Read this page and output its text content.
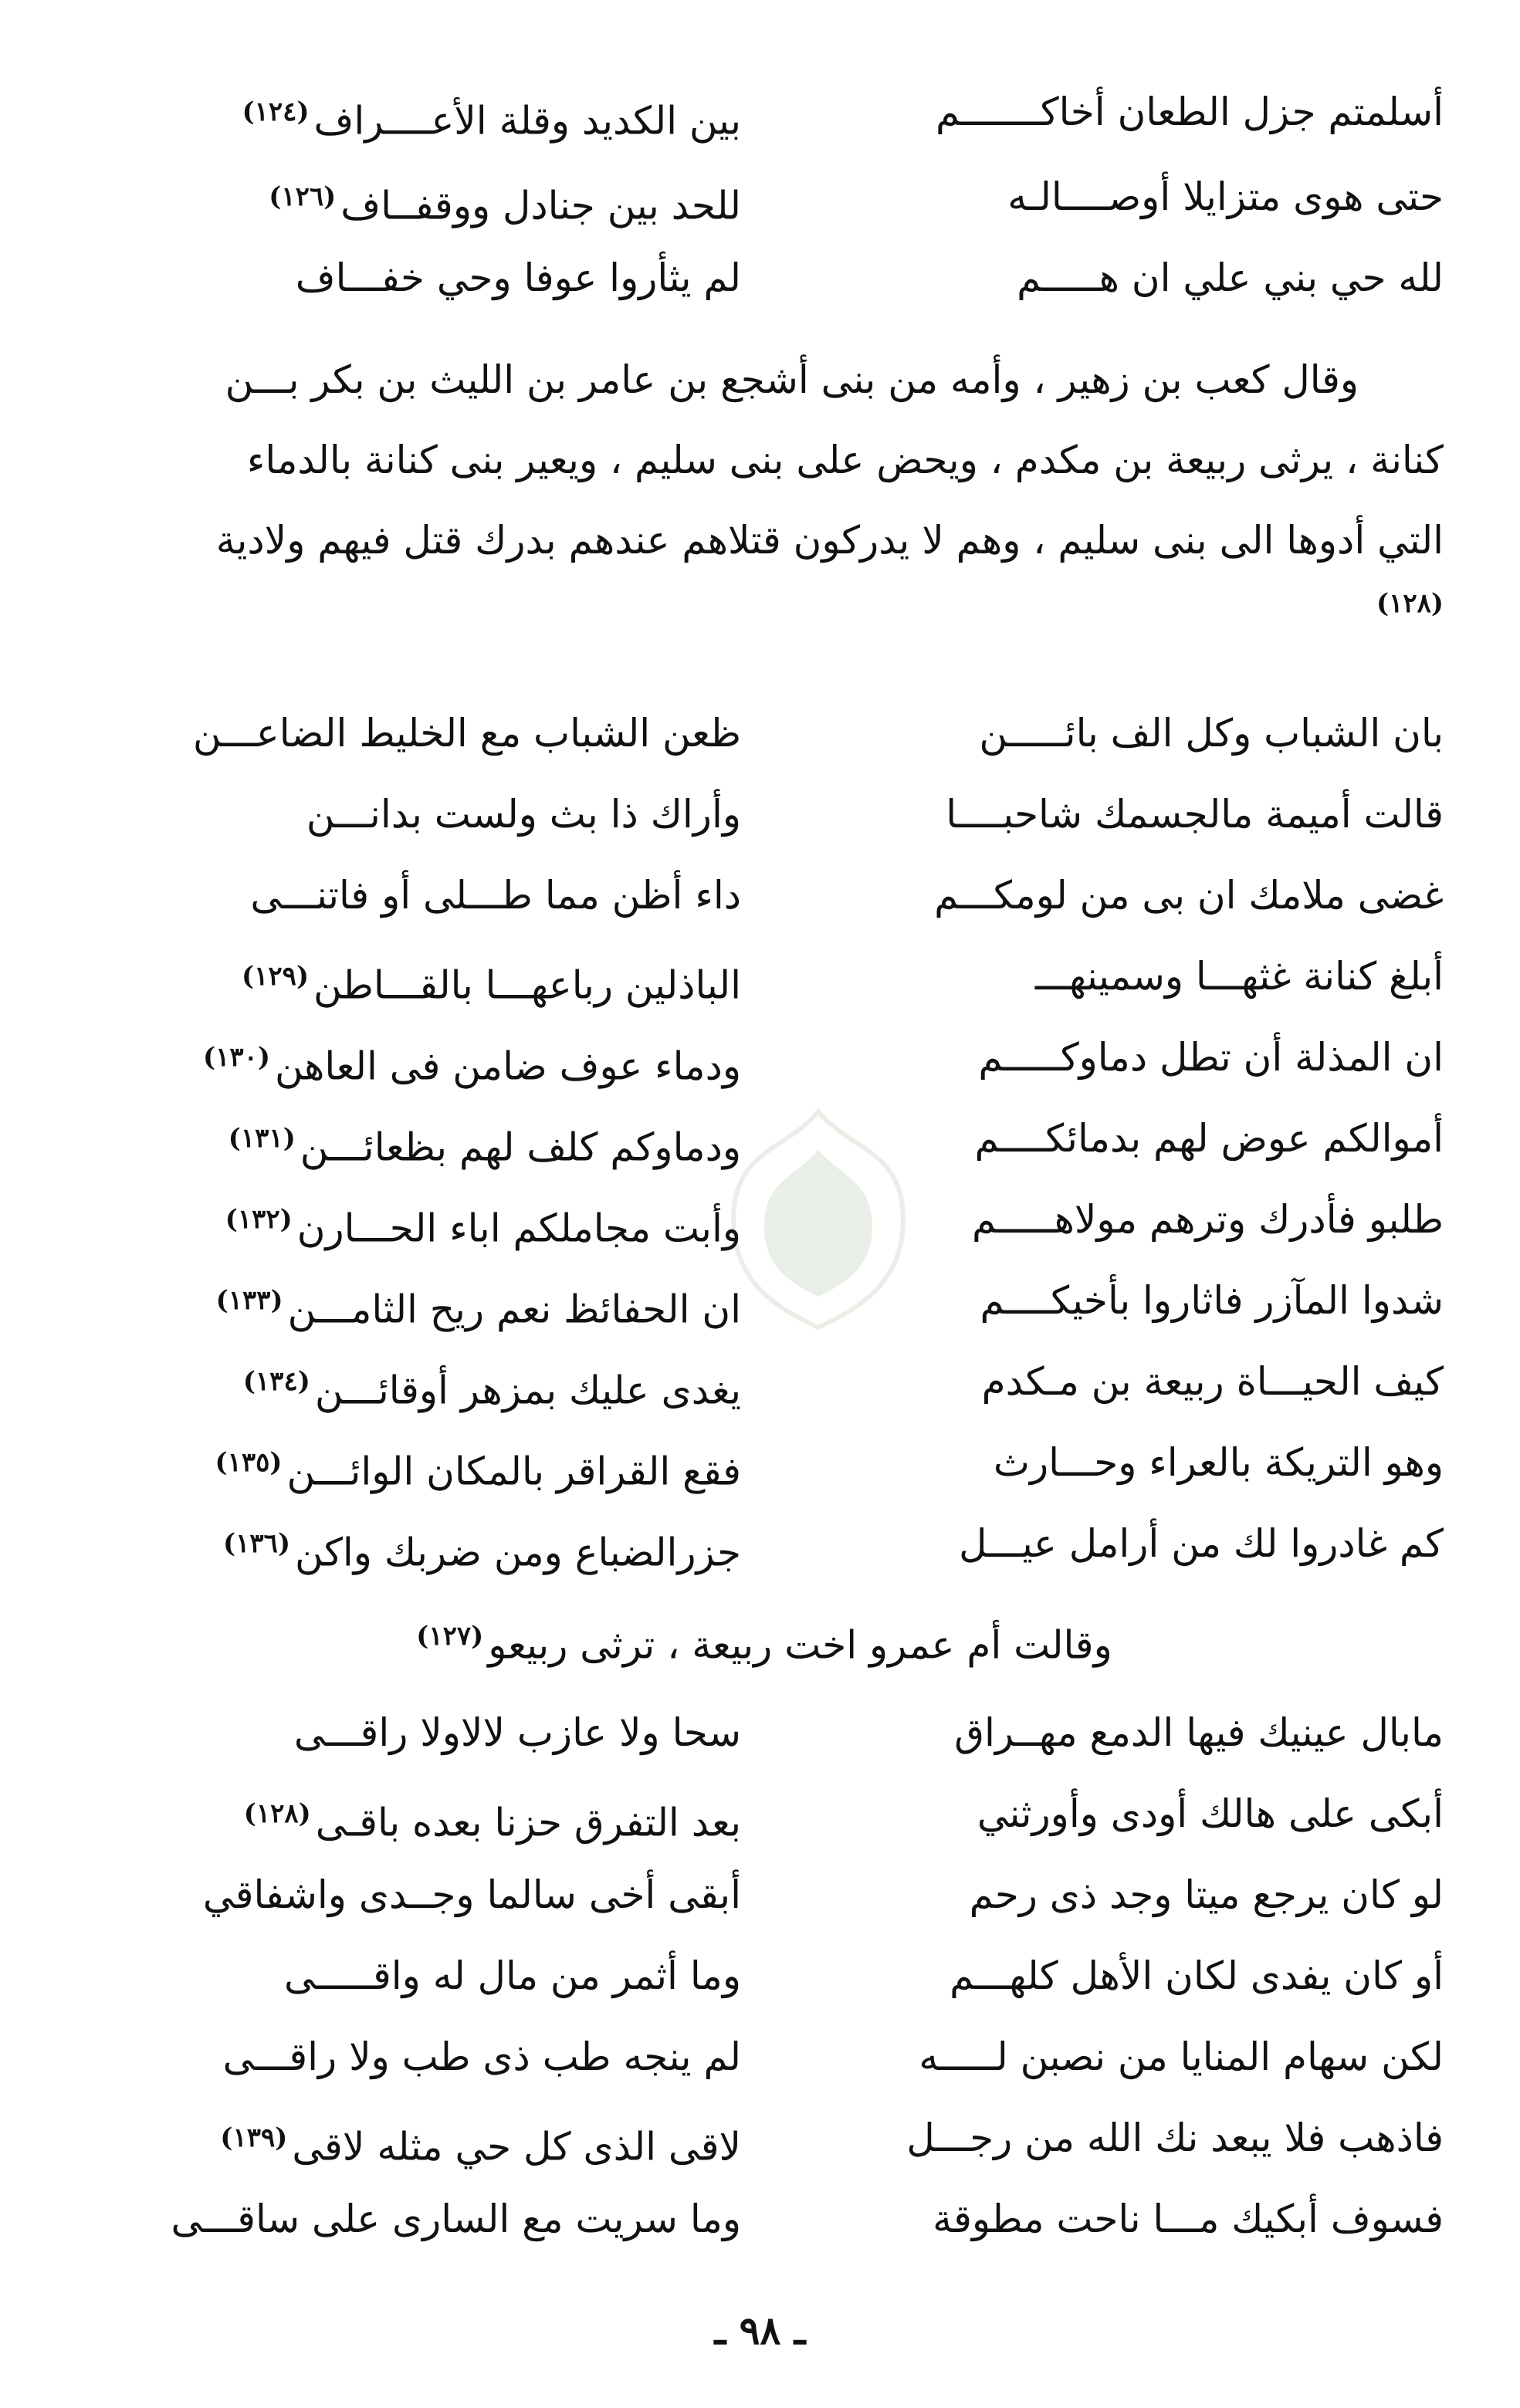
أسلمتم جزل الطعان أخاكـــــــم
بين الكديد وقلة الأعــــراف$^{(١٢٤)}$
حتى هوى متزايلا أوصــــالـه
للحد بين جنادل ووقفــاف$^{(١٢٦)}$
لله حي بني علي ان هـــــم
لم يثأروا عوفا وحي خفـــاف
وقال كعب بن زهير ، وأمه من بنى أشجع بن عامر بن الليث بن بكر بـــن
كنانة ، يرثى ربيعة بن مكدم ، ويحض على بنى سليم ، ويعير بنى كنانة بالدماء
التي أدوها الى بنى سليم ، وهم لا يدركون قتلاهم عندهم بدرك قتل فيهم ولادية
(١٢٨)
بان الشباب وكل الف بائـــــن
ظعن الشباب مع الخليط الضاعـــن
قالت أميمة مالجسمك شاحبــــا
وأراك ذا بث ولست بدانـــن
غضى ملامك ان بى من لومكـــم
داء أظن مما طـــلى أو فاتنـــى
أبلغ كنانة غثهـــا وسمينهـــ
الباذلين رباعهـــا بالقـــاطن$^{(١٢٩)}$
ان المذلة أن تطل دماوكـــــم
ودماء عوف ضامن فى العاهن$^{(١٣٠)}$
أموالكم عوض لهم بدمائكــــم
ودماوكم كلف لهم بظعائـــن$^{(١٣١)}$
طلبو فأدرك وترهم مولاهـــــم
وأبت مجاملكم اباء الحـــارن$^{(١٣٢)}$
شدوا المآزر فاثاروا بأخيكــــم
ان الحفائظ نعم ريح الثامـــن$^{(١٣٣)}$
كيف الحيـــاة ربيعة بن مـكدم
يغدى عليك بمزهر أوقائـــن$^{(١٣٤)}$
وهو التريكة بالعراء وحـــارث
فقع القراقر بالمكان الوائـــن$^{(١٣٥)}$
كم غادروا لك من أرامل عيـــل
جزرالضباع ومن ضربك واكن$^{(١٣٦)}$
وقالت أم عمرو اخت ربيعة ، ترثى ربيعو$^{(١٢٧)}$
مابال عينيك فيها الدمع مهــراق
سحا ولا عازب لالاولا راقـــى
أبكى على هالك أودى وأورثني
بعد التفرق حزنا بعده باقـى$^{(١٢٨)}$
لو كان يرجع ميتا وجد ذى رحم
أبقى أخى سالما وجــدى واشفاقي
أو كان يفدى لكان الأهل كلهـــم
وما أثمر من مال له واقـــــى
لكن سهام المنايا من نصبن لـــــه
لم ينجه طب ذى طب ولا راقـــى
فاذهب فلا يبعد نك الله من رجـــل
لاقى الذى كل حي مثله لاقى$^{(١٣٩)}$
فسوف أبكيك مـــا ناحت مطوقة
وما سريت مع السارى على ساقـــى
ـ ٩٨ ـ
